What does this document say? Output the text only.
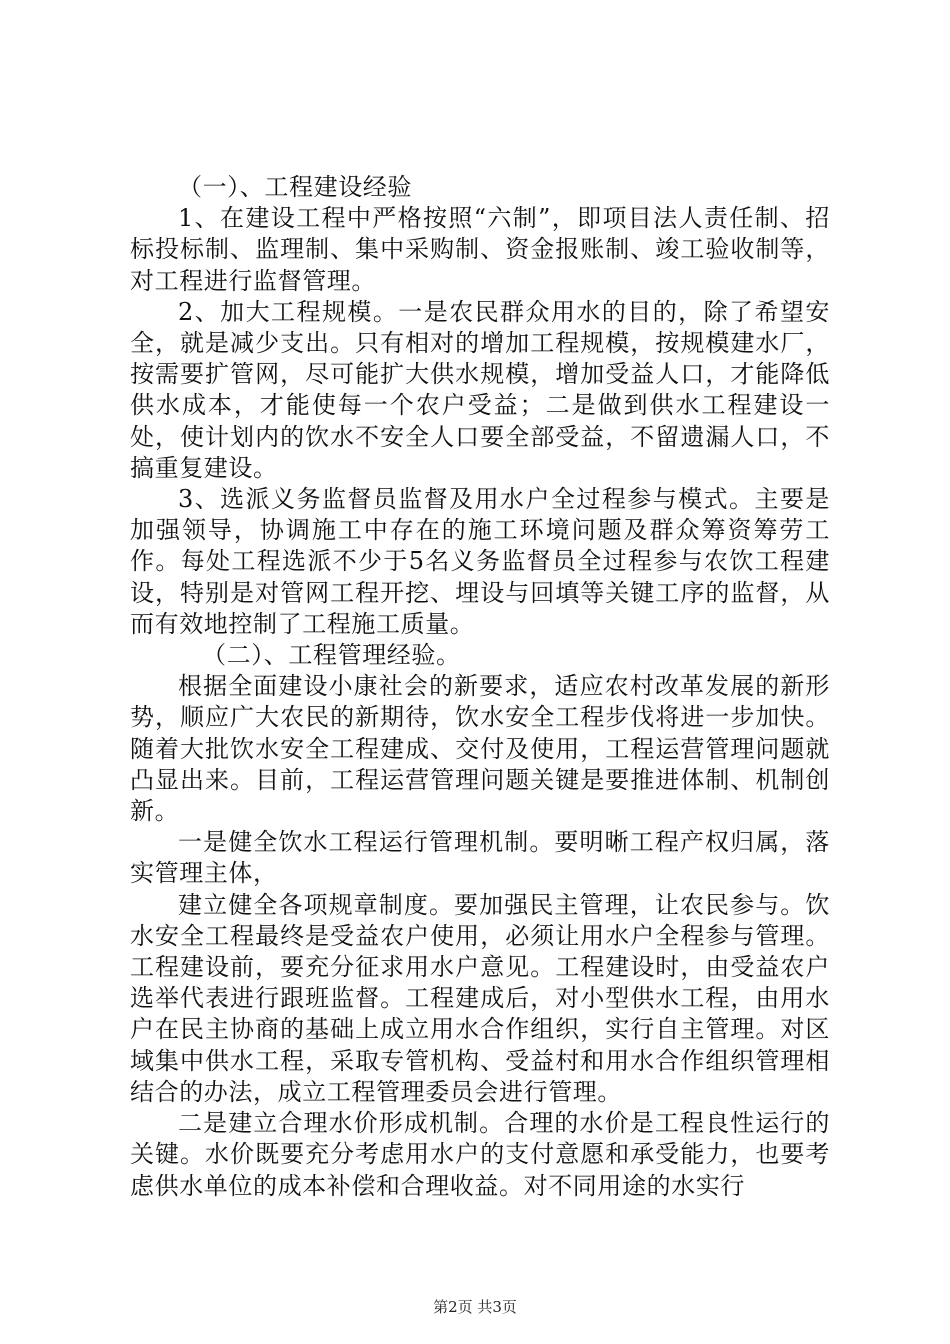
（一）、工程建设经验

1、在建设工程中严格按照“六制”，即项目法人责任制、招标投标制、监理制、集中采购制、资金报账制、竣工验收制等，对工程进行监督管理。

2、加大工程规模。一是农民群众用水的目的，除了希望安全，就是减少支出。只有相对的增加工程规模，按规模建水厂，按需要扩管网，尽可能扩大供水规模，增加受益人口，才能降低供水成本，才能使每一个农户受益；二是做到供水工程建设一处，使计划内的饮水不安全人口要全部受益，不留遗漏人口，不搞重复建设。

3、选派义务监督员监督及用水户全过程参与模式。主要是加强领导，协调施工中存在的施工环境问题及群众筹资筹劳工作。每处工程选派不少于5名义务监督员全过程参与农饮工程建设，特别是对管网工程开挖、埋设与回填等关键工序的监督，从而有效地控制了工程施工质量。

（二）、工程管理经验。

根据全面建设小康社会的新要求，适应农村改革发展的新形势，顺应广大农民的新期待，饮水安全工程步伐将进一步加快。随着大批饮水安全工程建成、交付及使用，工程运营管理问题就凸显出来。目前，工程运营管理问题关键是要推进体制、机制创新。

一是健全饮水工程运行管理机制。要明晰工程产权归属，落实管理主体，

建立健全各项规章制度。要加强民主管理，让农民参与。饮水安全工程最终是受益农户使用，必须让用水户全程参与管理。工程建设前，要充分征求用水户意见。工程建设时，由受益农户选举代表进行跟班监督。工程建成后，对小型供水工程，由用水户在民主协商的基础上成立用水合作组织，实行自主管理。对区域集中供水工程，采取专管机构、受益村和用水合作组织管理相结合的办法，成立工程管理委员会进行管理。

二是建立合理水价形成机制。合理的水价是工程良性运行的关键。水价既要充分考虑用水户的支付意愿和承受能力，也要考虑供水单位的成本补偿和合理收益。对不同用途的水实行

第2页 共3页
